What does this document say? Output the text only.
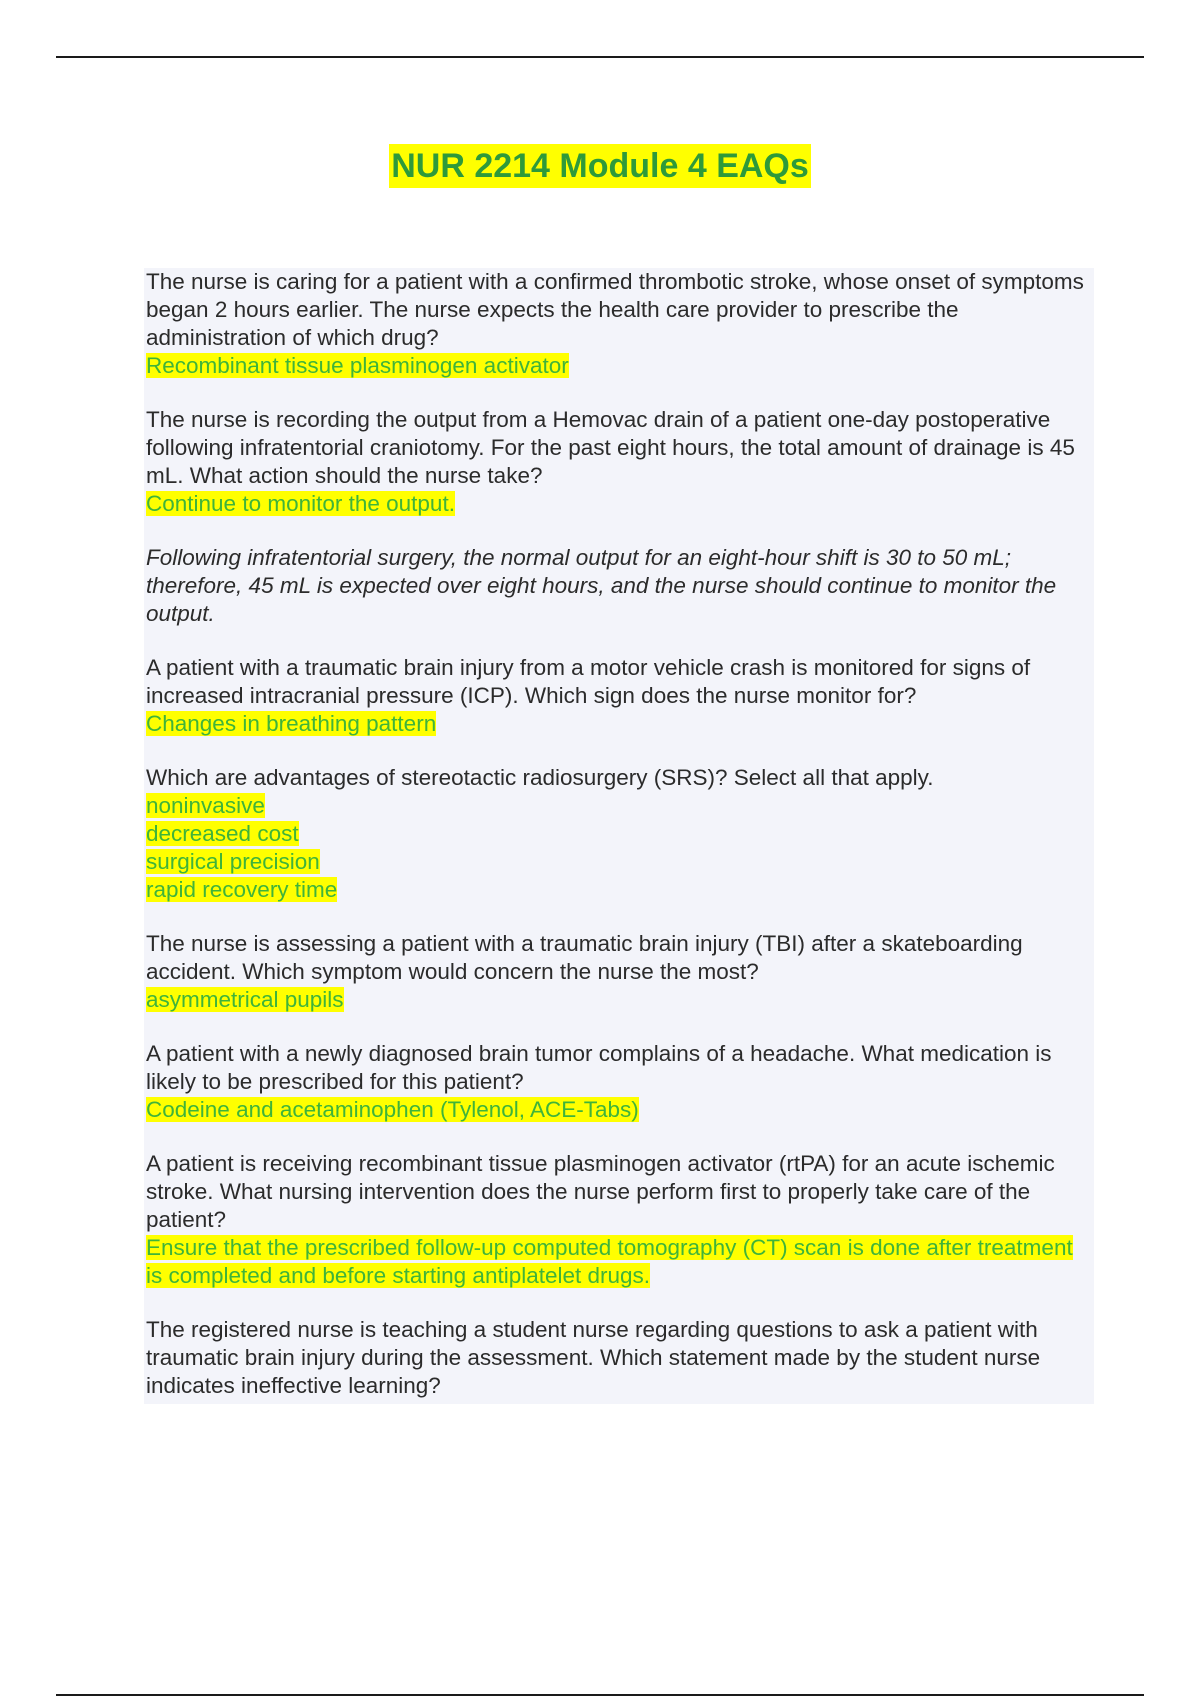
NUR 2214 Module 4 EAQs

The nurse is caring for a patient with a confirmed thrombotic stroke, whose onset of symptoms began 2 hours earlier. The nurse expects the health care provider to prescribe the administration of which drug?

Recombinant tissue plasminogen activator

The nurse is recording the output from a Hemovac drain of a patient one-day postoperative following infratentorial craniotomy. For the past eight hours, the total amount of drainage is 45 mL. What action should the nurse take?

Continue to monitor the output.

Following infratentorial surgery, the normal output for an eight-hour shift is 30 to 50 mL; therefore, 45 mL is expected over eight hours, and the nurse should continue to monitor the output.

A patient with a traumatic brain injury from a motor vehicle crash is monitored for signs of increased intracranial pressure (ICP). Which sign does the nurse monitor for?

Changes in breathing pattern

Which are advantages of stereotactic radiosurgery (SRS)? Select all that apply.

noninvasive

decreased cost

surgical precision

rapid recovery time

The nurse is assessing a patient with a traumatic brain injury (TBI) after a skateboarding accident. Which symptom would concern the nurse the most?

asymmetrical pupils

A patient with a newly diagnosed brain tumor complains of a headache. What medication is likely to be prescribed for this patient?

Codeine and acetaminophen (Tylenol, ACE-Tabs)

A patient is receiving recombinant tissue plasminogen activator (rtPA) for an acute ischemic stroke. What nursing intervention does the nurse perform first to properly take care of the patient?

Ensure that the prescribed follow-up computed tomography (CT) scan is done after treatment is completed and before starting antiplatelet drugs.

The registered nurse is teaching a student nurse regarding questions to ask a patient with traumatic brain injury during the assessment. Which statement made by the student nurse indicates ineffective learning?
